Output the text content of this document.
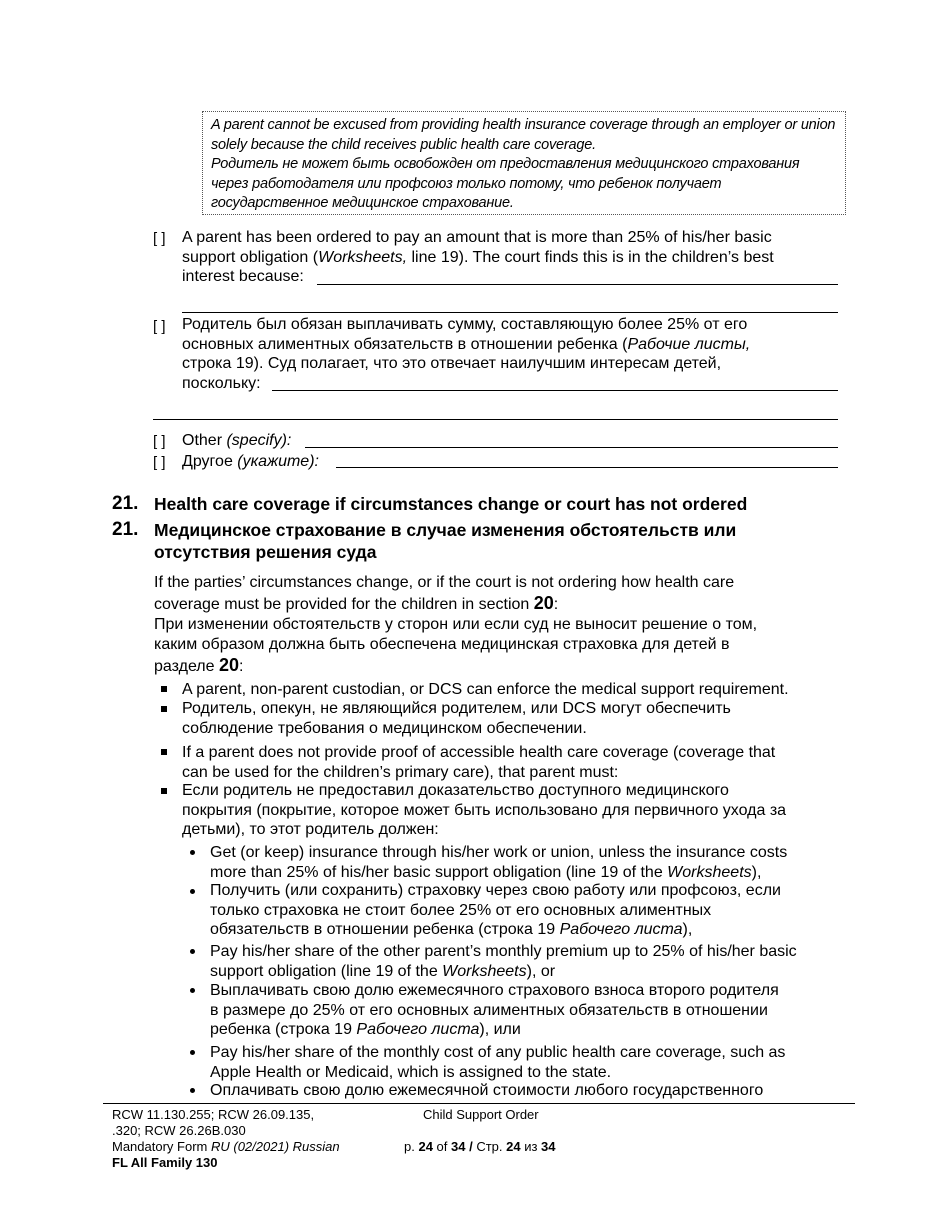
A parent cannot be excused from providing health insurance coverage through an employer or union solely because the child receives public health care coverage.
Родитель не может быть освобожден от предоставления медицинского страхования через работодателя или профсоюз только потому, что ребенок получает государственное медицинское страхование.
[ ] A parent has been ordered to pay an amount that is more than 25% of his/her basic
support obligation (Worksheets, line 19). The court finds this is in the children’s best
interest because:
[ ] Родитель был обязан выплачивать сумму, составляющую более 25% от его
основных алиментных обязательств в отношении ребенка (Рабочие листы,
строка 19). Суд полагает, что это отвечает наилучшим интересам детей,
поскольку:
[ ] Other (specify):
[ ] Другое (укажите):
21. Health care coverage if circumstances change or court has not ordered
21. Медицинское страхование в случае изменения обстоятельств или
отсутствия решения суда
If the parties’ circumstances change, or if the court is not ordering how health care
coverage must be provided for the children in section 20:
При изменении обстоятельств у сторон или если суд не выносит решение о том,
каким образом должна быть обеспечена медицинская страховка для детей в
разделе 20:
A parent, non-parent custodian, or DCS can enforce the medical support requirement.
Родитель, опекун, не являющийся родителем, или DCS могут обеспечить
соблюдение требования о медицинском обеспечении.
If a parent does not provide proof of accessible health care coverage (coverage that
can be used for the children’s primary care), that parent must:
Если родитель не предоставил доказательство доступного медицинского
покрытия (покрытие, которое может быть использовано для первичного ухода за
детьми), то этот родитель должен:
Get (or keep) insurance through his/her work or union, unless the insurance costs
more than 25% of his/her basic support obligation (line 19 of the Worksheets),
Получить (или сохранить) страховку через свою работу или профсоюз, если
только страховка не стоит более 25% от его основных алиментных
обязательств в отношении ребенка (строка 19 Рабочего листа),
Pay his/her share of the other parent’s monthly premium up to 25% of his/her basic
support obligation (line 19 of the Worksheets), or
Выплачивать свою долю ежемесячного страхового взноса второго родителя
в размере до 25% от его основных алиментных обязательств в отношении
ребенка (строка 19 Рабочего листа), или
Pay his/her share of the monthly cost of any public health care coverage, such as
Apple Health or Medicaid, which is assigned to the state.
Оплачивать свою долю ежемесячной стоимости любого государственного
RCW 11.130.255; RCW 26.09.135,
.320; RCW 26.26B.030
Mandatory Form RU (02/2021) Russian
FL All Family 130
Child Support Order
p. 24 of 34 / Стр. 24 из 34
